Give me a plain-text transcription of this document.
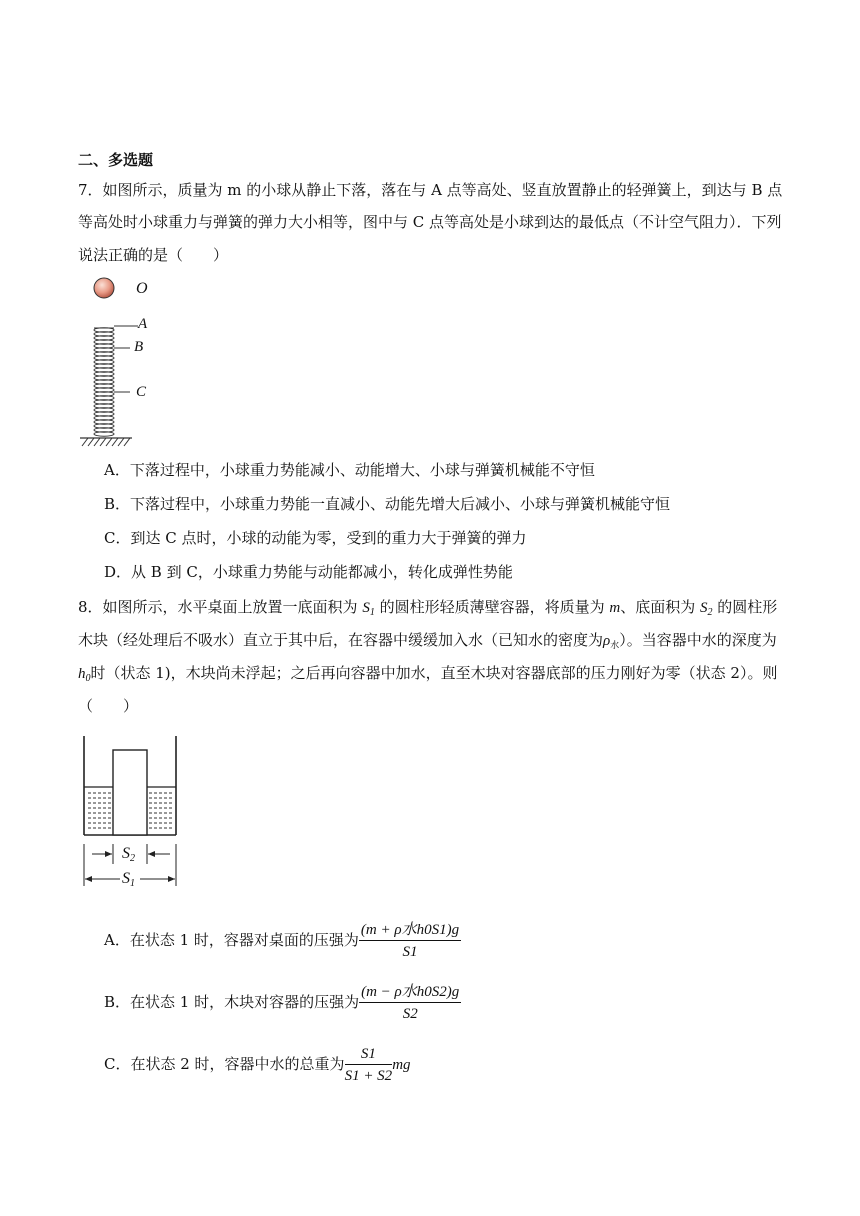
二、多选题
7．如图所示，质量为 m 的小球从静止下落，落在与 A 点等高处、竖直放置静止的轻弹簧上，到达与 B 点
等高处时小球重力与弹簧的弹力大小相等，图中与 C 点等高处是小球到达的最低点（不计空气阻力）．下列
说法正确的是（　　）
O
A
B
C
A．下落过程中，小球重力势能减小、动能增大、小球与弹簧机械能不守恒
B．下落过程中，小球重力势能一直减小、动能先增大后减小、小球与弹簧机械能守恒
C．到达 C 点时，小球的动能为零，受到的重力大于弹簧的弹力
D．从 B 到 C，小球重力势能与动能都减小，转化成弹性势能
8．如图所示，水平桌面上放置一底面积为 $S_1$ 的圆柱形轻质薄壁容器，将质量为 m、底面积为 $S_2$ 的圆柱形
木块（经处理后不吸水）直立于其中后，在容器中缓缓加入水（已知水的密度为$\rho_水$）。当容器中水的深度为
$h_0$时（状态 1)，木块尚未浮起；之后再向容器中加水，直至木块对容器底部的压力刚好为零（状态 2）。则
（　　）
$S_2$
$S_1$
A．在状态 1 时，容器对桌面的压强为 $\frac{\text{(m + ρ水h0S1)g}}{S1}$
B．在状态 1 时，木块对容器的压强为 $\frac{\text{(m − ρ水h0S2)g}}{S2}$
C．在状态 2 时，容器中水的总重为 $\frac{S1}{S1 + S2}$ mg
